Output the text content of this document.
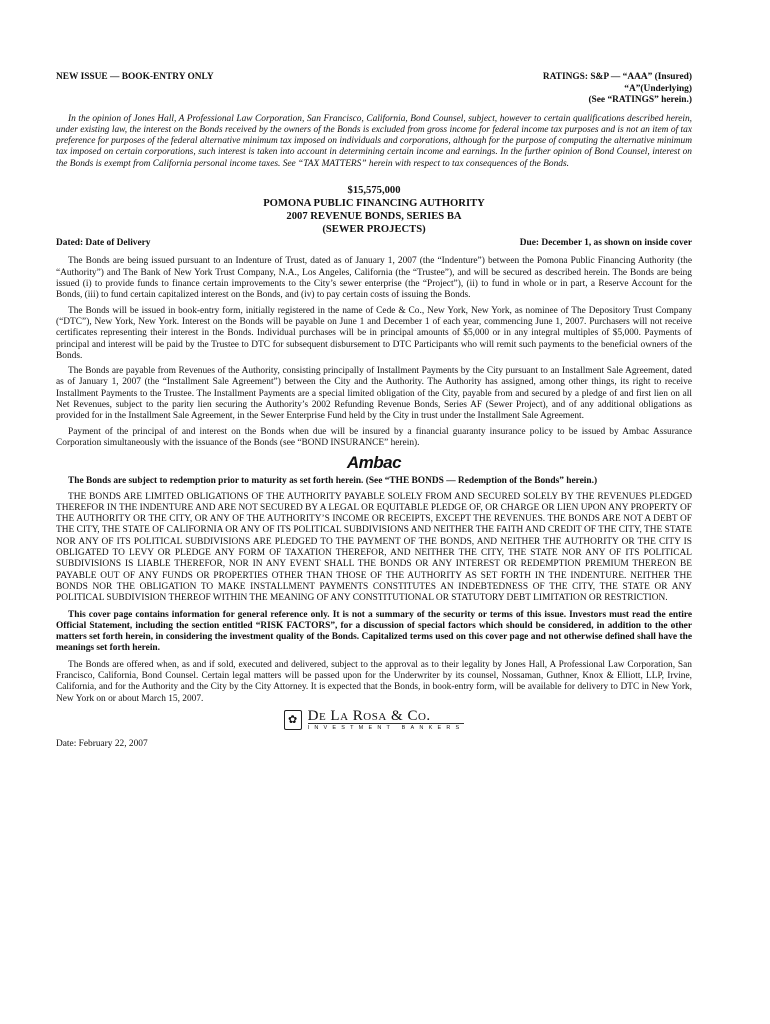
NEW ISSUE — BOOK-ENTRY ONLY	RATINGS: S&P — “AAA” (Insured)
“A”(Underlying)
(See “RATINGS” herein.)

In the opinion of Jones Hall, A Professional Law Corporation, San Francisco, California, Bond Counsel, subject, however to certain qualifications described herein, under existing law, the interest on the Bonds received by the owners of the Bonds is excluded from gross income for federal income tax purposes and is not an item of tax preference for purposes of the federal alternative minimum tax imposed on individuals and corporations, although for the purpose of computing the alternative minimum tax imposed on certain corporations, such interest is taken into account in determining certain income and earnings. In the further opinion of Bond Counsel, interest on the Bonds is exempt from California personal income taxes. See “TAX MATTERS” herein with respect to tax consequences of the Bonds.

$15,575,000
POMONA PUBLIC FINANCING AUTHORITY
2007 REVENUE BONDS, SERIES BA
(SEWER PROJECTS)
Dated: Date of Delivery	Due: December 1, as shown on inside cover

The Bonds are being issued pursuant to an Indenture of Trust, dated as of January 1, 2007 (the “Indenture”) between the Pomona Public Financing Authority (the “Authority”) and The Bank of New York Trust Company, N.A., Los Angeles, California (the “Trustee”), and will be secured as described herein. The Bonds are being issued (i) to provide funds to finance certain improvements to the City’s sewer enterprise (the “Project”), (ii) to fund in whole or in part, a Reserve Account for the Bonds, (iii) to fund certain capitalized interest on the Bonds, and (iv) to pay certain costs of issuing the Bonds.

The Bonds will be issued in book-entry form, initially registered in the name of Cede & Co., New York, New York, as nominee of The Depository Trust Company (“DTC”), New York, New York. Interest on the Bonds will be payable on June 1 and December 1 of each year, commencing June 1, 2007. Purchasers will not receive certificates representing their interest in the Bonds. Individual purchases will be in principal amounts of $5,000 or in any integral multiples of $5,000. Payments of principal and interest will be paid by the Trustee to DTC for subsequent disbursement to DTC Participants who will remit such payments to the beneficial owners of the Bonds.

The Bonds are payable from Revenues of the Authority, consisting principally of Installment Payments by the City pursuant to an Installment Sale Agreement, dated as of January 1, 2007 (the “Installment Sale Agreement”) between the City and the Authority. The Authority has assigned, among other things, its right to receive Installment Payments to the Trustee. The Installment Payments are a special limited obligation of the City, payable from and secured by a pledge of and first lien on all Net Revenues, subject to the parity lien securing the Authority’s 2002 Refunding Revenue Bonds, Series AF (Sewer Project), and of any additional obligations as provided for in the Installment Sale Agreement, in the Sewer Enterprise Fund held by the City in trust under the Installment Sale Agreement.

Payment of the principal of and interest on the Bonds when due will be insured by a financial guaranty insurance policy to be issued by Ambac Assurance Corporation simultaneously with the issuance of the Bonds (see “BOND INSURANCE” herein).

Ambac

The Bonds are subject to redemption prior to maturity as set forth herein. (See “THE BONDS — Redemption of the Bonds” herein.)

THE BONDS ARE LIMITED OBLIGATIONS OF THE AUTHORITY PAYABLE SOLELY FROM AND SECURED SOLELY BY THE REVENUES PLEDGED THEREFOR IN THE INDENTURE AND ARE NOT SECURED BY A LEGAL OR EQUITABLE PLEDGE OF, OR CHARGE OR LIEN UPON ANY PROPERTY OF THE AUTHORITY OR THE CITY, OR ANY OF THE AUTHORITY’S INCOME OR RECEIPTS, EXCEPT THE REVENUES. THE BONDS ARE NOT A DEBT OF THE CITY, THE STATE OF CALIFORNIA OR ANY OF ITS POLITICAL SUBDIVISIONS AND NEITHER THE FAITH AND CREDIT OF THE CITY, THE STATE NOR ANY OF ITS POLITICAL SUBDIVISIONS ARE PLEDGED TO THE PAYMENT OF THE BONDS, AND NEITHER THE AUTHORITY OR THE CITY IS OBLIGATED TO LEVY OR PLEDGE ANY FORM OF TAXATION THEREFOR, AND NEITHER THE CITY, THE STATE NOR ANY OF ITS POLITICAL SUBDIVISIONS IS LIABLE THEREFOR, NOR IN ANY EVENT SHALL THE BONDS OR ANY INTEREST OR REDEMPTION PREMIUM THEREON BE PAYABLE OUT OF ANY FUNDS OR PROPERTIES OTHER THAN THOSE OF THE AUTHORITY AS SET FORTH IN THE INDENTURE. NEITHER THE BONDS NOR THE OBLIGATION TO MAKE INSTALLMENT PAYMENTS CONSTITUTES AN INDEBTEDNESS OF THE CITY, THE STATE OR ANY POLITICAL SUBDIVISION THEREOF WITHIN THE MEANING OF ANY CONSTITUTIONAL OR STATUTORY DEBT LIMITATION OR RESTRICTION.

This cover page contains information for general reference only. It is not a summary of the security or terms of this issue. Investors must read the entire Official Statement, including the section entitled “RISK FACTORS”, for a discussion of special factors which should be considered, in addition to the other matters set forth herein, in considering the investment quality of the Bonds. Capitalized terms used on this cover page and not otherwise defined shall have the meanings set forth herein.

The Bonds are offered when, as and if sold, executed and delivered, subject to the approval as to their legality by Jones Hall, A Professional Law Corporation, San Francisco, California, Bond Counsel. Certain legal matters will be passed upon for the Underwriter by its counsel, Nossaman, Guthner, Knox & Elliott, LLP, Irvine, California, and for the Authority and the City by the City Attorney. It is expected that the Bonds, in book-entry form, will be available for delivery to DTC in New York, New York on or about March 15, 2007.

✿ De La Rosa & Co.
INVESTMENT BANKERS
Date: February 22, 2007
